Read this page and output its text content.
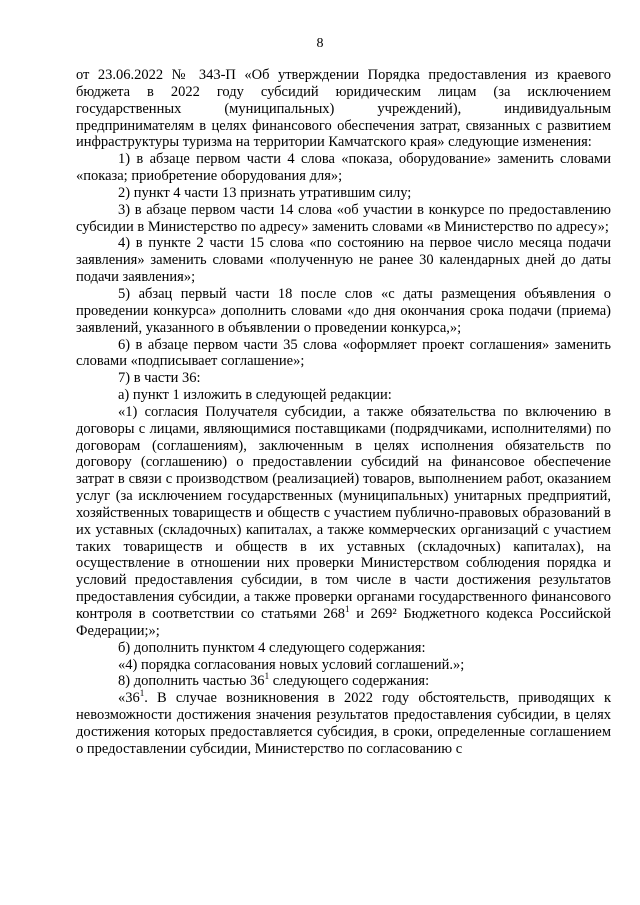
8

от 23.06.2022 № 343-П «Об утверждении Порядка предоставления из краевого бюджета в 2022 году субсидий юридическим лицам (за исключением государственных (муниципальных) учреждений), индивидуальным предпринимателям в целях финансового обеспечения затрат, связанных с развитием инфраструктуры туризма на территории Камчатского края» следующие изменения:

1) в абзаце первом части 4 слова «показа, оборудование» заменить словами «показа; приобретение оборудования для»;

2) пункт 4 части 13 признать утратившим силу;

3) в абзаце первом части 14 слова «об участии в конкурсе по предоставлению субсидии в Министерство по адресу» заменить словами «в Министерство по адресу»;

4) в пункте 2 части 15 слова «по состоянию на первое число месяца подачи заявления» заменить словами «полученную не ранее 30 календарных дней до даты подачи заявления»;

5) абзац первый части 18 после слов «с даты размещения объявления о проведении конкурса» дополнить словами «до дня окончания срока подачи (приема) заявлений, указанного в объявлении о проведении конкурса,»;

6) в абзаце первом части 35 слова «оформляет проект соглашения» заменить словами «подписывает соглашение»;

7) в части 36:

а) пункт 1 изложить в следующей редакции:

«1) согласия Получателя субсидии, а также обязательства по включению в договоры с лицами, являющимися поставщиками (подрядчиками, исполнителями) по договорам (соглашениям), заключенным в целях исполнения обязательств по договору (соглашению) о предоставлении субсидий на финансовое обеспечение затрат в связи с производством (реализацией) товаров, выполнением работ, оказанием услуг (за исключением государственных (муниципальных) унитарных предприятий, хозяйственных товариществ и обществ с участием публично-правовых образований в их уставных (складочных) капиталах, а также коммерческих организаций с участием таких товариществ и обществ в их уставных (складочных) капиталах), на осуществление в отношении них проверки Министерством соблюдения порядка и условий предоставления субсидии, в том числе в части достижения результатов предоставления субсидии, а также проверки органами государственного финансового контроля в соответствии со статьями $268^1$ и 269² Бюджетного кодекса Российской Федерации;»;

б) дополнить пунктом 4 следующего содержания:

«4) порядка согласования новых условий соглашений.»;

8) дополнить частью $36^1$ следующего содержания:

«$36^1$. В случае возникновения в 2022 году обстоятельств, приводящих к невозможности достижения значения результатов предоставления субсидии, в целях достижения которых предоставляется субсидия, в сроки, определенные соглашением о предоставлении субсидии, Министерство по согласованию с
